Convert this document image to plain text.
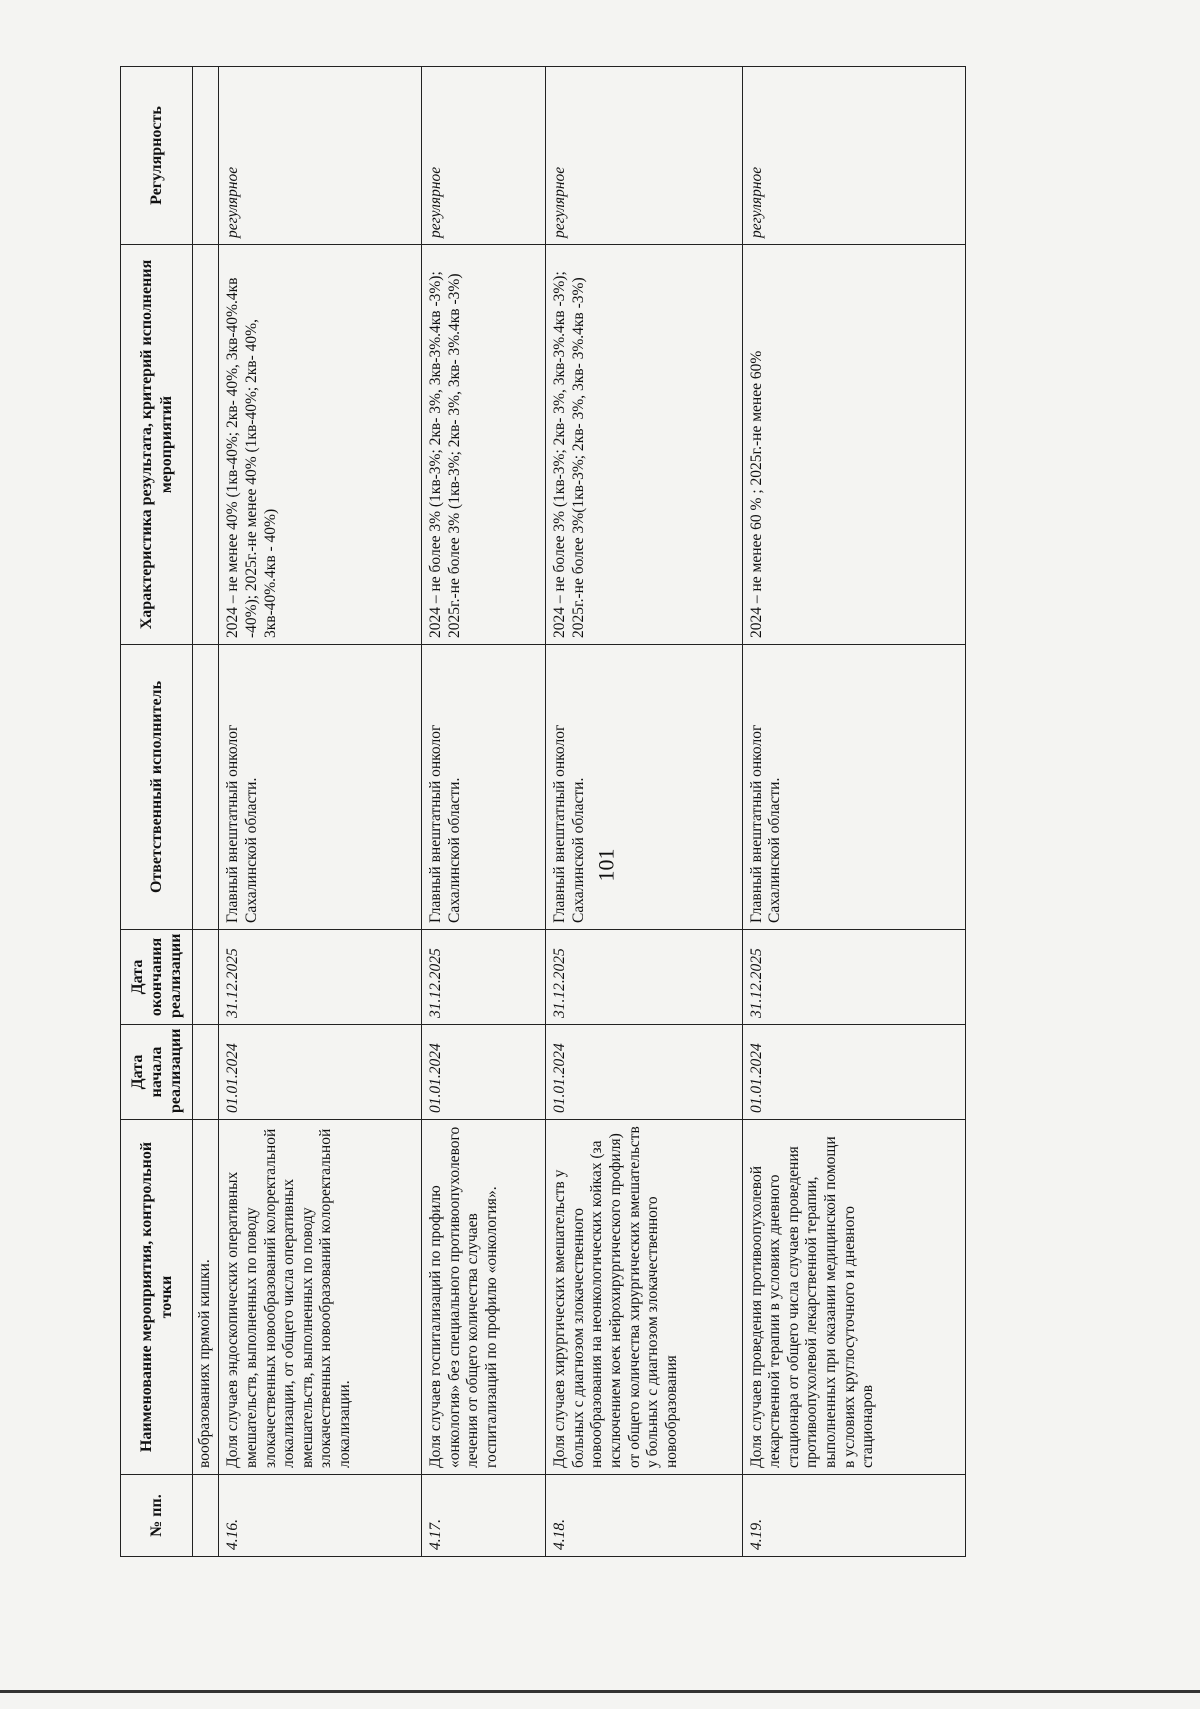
101
№ пп.	Наименование мероприятия, контрольной точки	Дата начала реализации	Дата окончания реализации	Ответственный исполнитель	Характеристика результата, критерий исполнения мероприятий	Регулярность
	вообразованиях прямой кишки.					
4.16.	Доля случаев эндоскопических оперативных вмешательств, выполненных по поводу злокачественных новообразований колоректальной локализации, от общего числа оперативных вмешательств, выполненных по поводу злокачественных новообразований колоректальной локализации.	01.01.2024	31.12.2025	Главный внештатный онколог Сахалинской области.	2024 – не менее 40% (1кв-40%; 2кв- 40%, 3кв-40%.4кв -40%); 2025г.-не менее 40% (1кв-40%; 2кв- 40%, 3кв-40%.4кв - 40%)	регулярное
4.17.	Доля случаев госпитализаций по профилю «онкология» без специального противоопухолевого лечения от общего количества случаев госпитализаций по профилю «онкология».	01.01.2024	31.12.2025	Главный внештатный онколог Сахалинской области.	2024 – не более 3% (1кв-3%; 2кв- 3%, 3кв-3%.4кв -3%); 2025г.-не более 3% (1кв-3%; 2кв- 3%, 3кв- 3%.4кв -3%)	регулярное
4.18.	Доля случаев хирургических вмешательств у больных с диагнозом злокачественного новообразования на неонкологических койках (за исключением коек нейрохирургического профиля) от общего количества хирургических вмешательств у больных с диагнозом злокачественного новообразования	01.01.2024	31.12.2025	Главный внештатный онколог Сахалинской области.	2024 – не более 3% (1кв-3%; 2кв- 3%, 3кв-3%.4кв -3%); 2025г.-не более 3%(1кв-3%; 2кв- 3%, 3кв- 3%.4кв -3%)	регулярное
4.19.	Доля случаев проведения противоопухолевой лекарственной терапии в условиях дневного стационара от общего числа случаев проведения противоопухолевой лекарственной терапии, выполненных при оказании медицинской помощи в условиях круглосуточного и дневного стационаров	01.01.2024	31.12.2025	Главный внештатный онколог Сахалинской области.	2024 – не менее 60 % ; 2025г.-не менее 60%	регулярное
